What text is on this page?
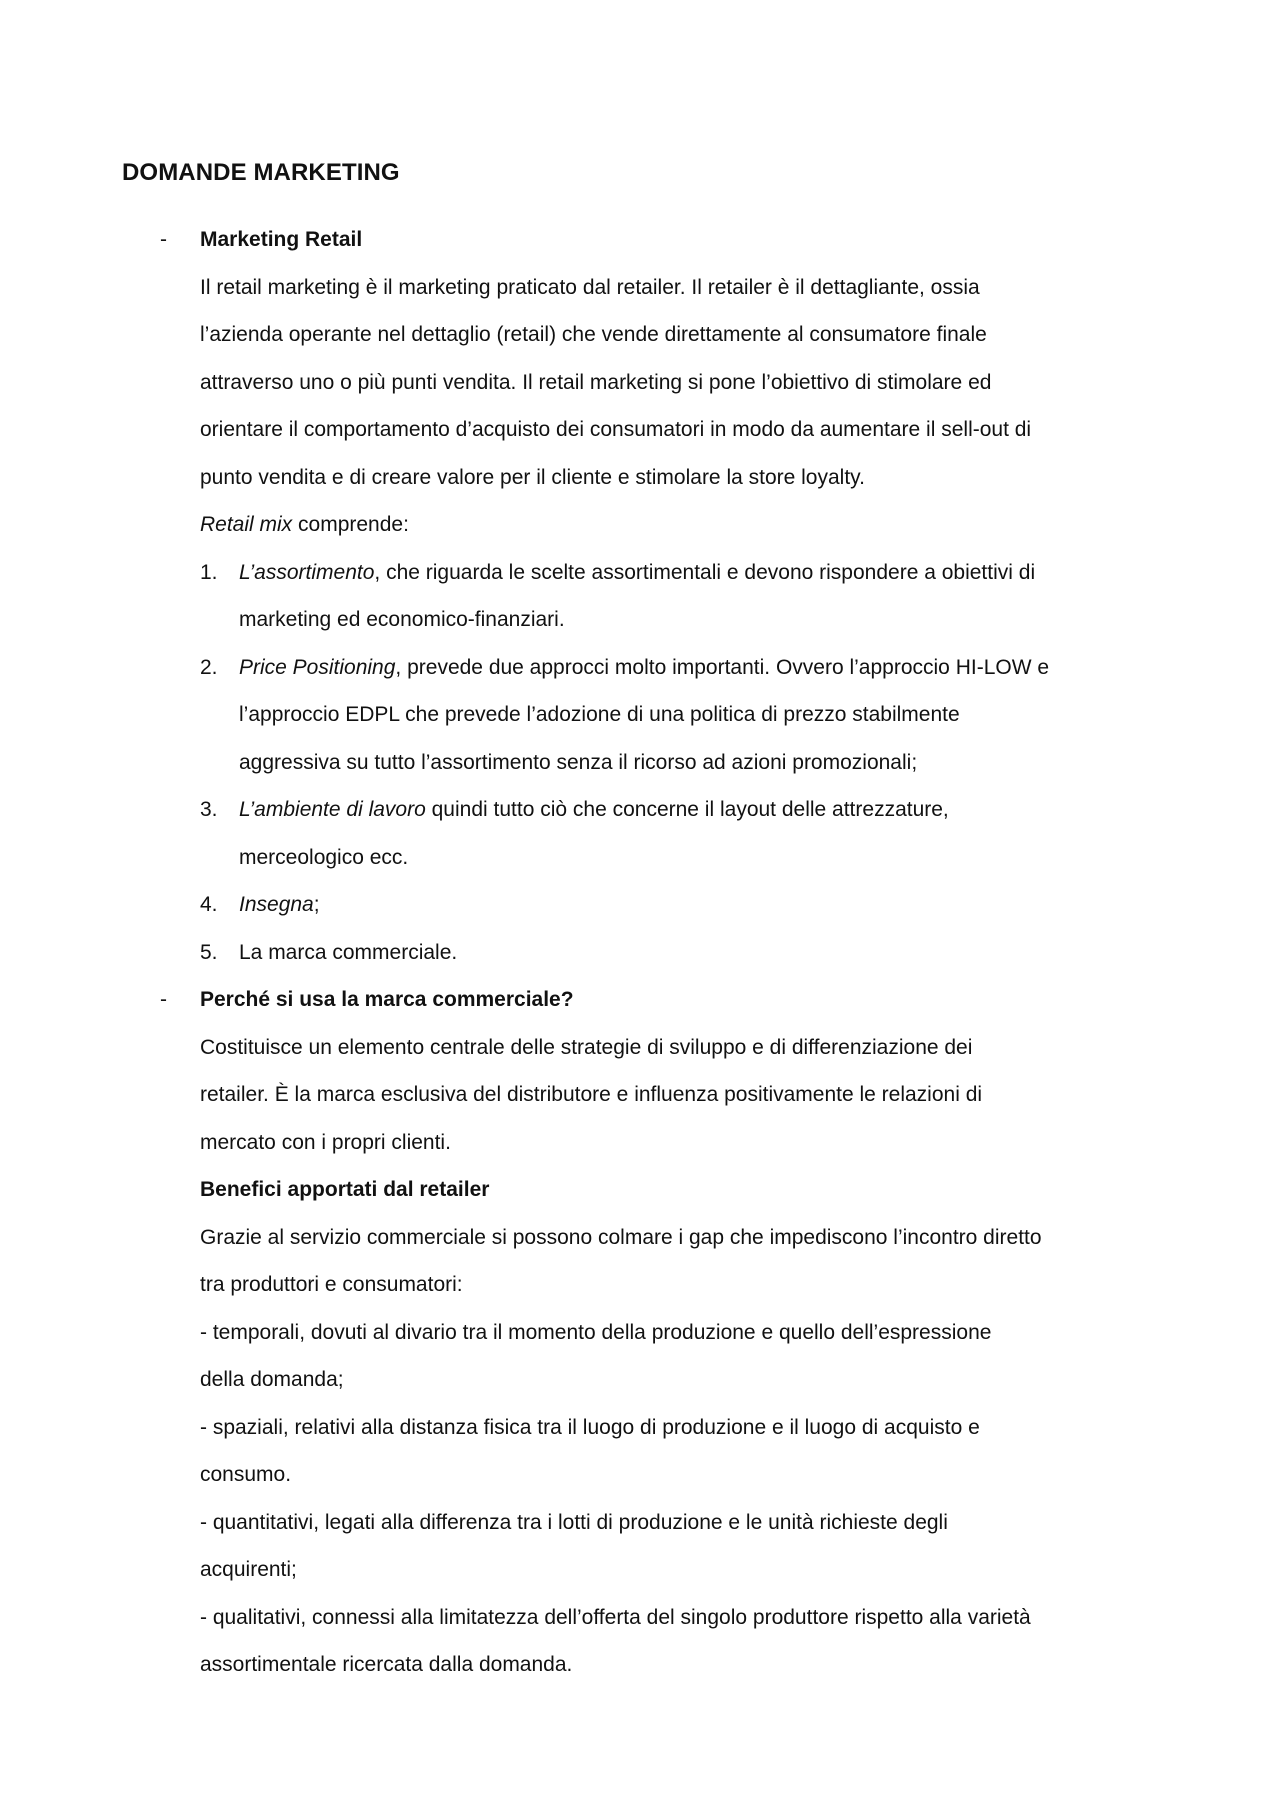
DOMANDE MARKETING
- Marketing Retail

Il retail marketing è il marketing praticato dal retailer. Il retailer è il dettagliante, ossia

l’azienda operante nel dettaglio (retail) che vende direttamente al consumatore finale

attraverso uno o più punti vendita. Il retail marketing si pone l’obiettivo di stimolare ed

orientare il comportamento d’acquisto dei consumatori in modo da aumentare il sell-out di

punto vendita e di creare valore per il cliente e stimolare la store loyalty.

Retail mix comprende:

1. L’assortimento, che riguarda le scelte assortimentali e devono rispondere a obiettivi di
marketing ed economico-finanziari.
2. Price Positioning, prevede due approcci molto importanti. Ovvero l’approccio HI-LOW e
l’approccio EDPL che prevede l’adozione di una politica di prezzo stabilmente
aggressiva su tutto l’assortimento senza il ricorso ad azioni promozionali;
3. L’ambiente di lavoro quindi tutto ciò che concerne il layout delle attrezzature,
merceologico ecc.
4. Insegna;
5. La marca commerciale.
- Perché si usa la marca commerciale?

Costituisce un elemento centrale delle strategie di sviluppo e di differenziazione dei

retailer. È la marca esclusiva del distributore e influenza positivamente le relazioni di

mercato con i propri clienti.

Benefici apportati dal retailer

Grazie al servizio commerciale si possono colmare i gap che impediscono l’incontro diretto

tra produttori e consumatori:

- temporali, dovuti al divario tra il momento della produzione e quello dell’espressione

della domanda;

- spaziali, relativi alla distanza fisica tra il luogo di produzione e il luogo di acquisto e

consumo.

- quantitativi, legati alla differenza tra i lotti di produzione e le unità richieste degli

acquirenti;

- qualitativi, connessi alla limitatezza dell’offerta del singolo produttore rispetto alla varietà

assortimentale ricercata dalla domanda.
